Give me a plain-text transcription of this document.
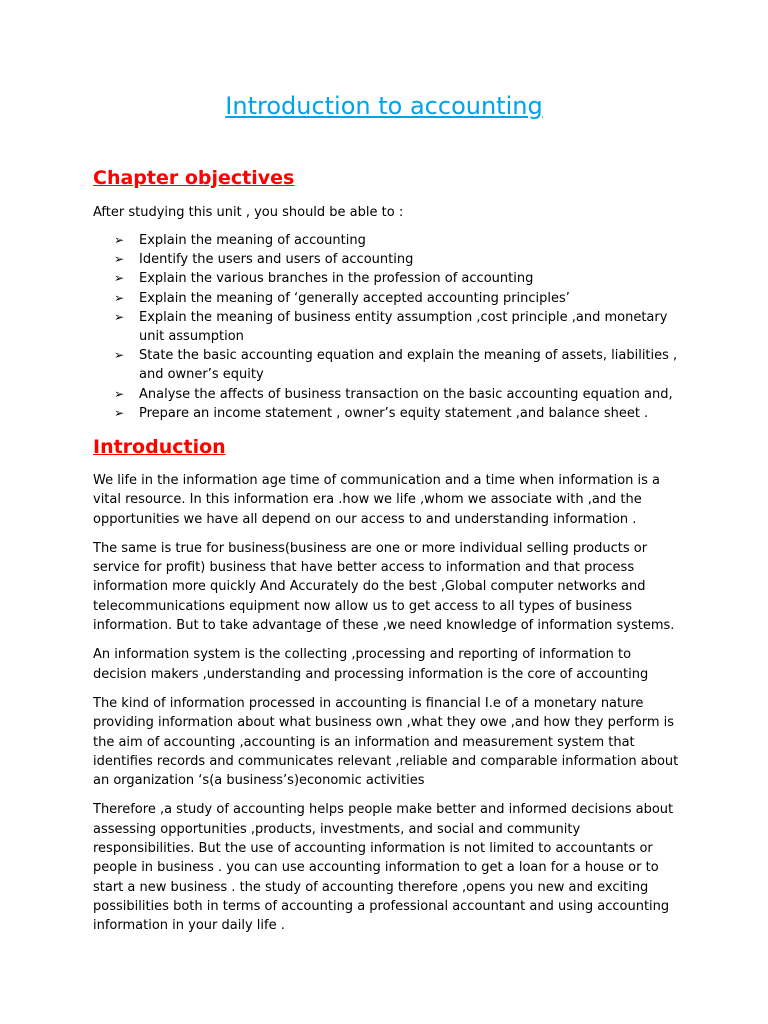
Introduction to accounting
Chapter objectives

After studying this unit , you should be able to :

➢ Explain the meaning of accounting
➢ Identify the users and users of accounting
➢ Explain the various branches in the profession of accounting
➢ Explain the meaning of ‘generally accepted accounting principles’
➢ Explain the meaning of business entity assumption ,cost principle ,and monetary unit assumption
➢ State the basic accounting equation and explain the meaning of assets, liabilities , and owner’s equity
➢ Analyse the affects of business transaction on the basic accounting equation and,
➢ Prepare an income statement , owner’s equity statement ,and balance sheet .
Introduction

We life in the information age time of communication and a time when information is a vital resource. In this information era .how we life ,whom we associate with ,and the opportunities we have all depend on our access to and understanding information .

The same is true for business(business are one or more individual selling products or service for profit) business that have better access to information and that process information more quickly And Accurately do the best ,Global computer networks and telecommunications equipment now allow us to get access to all types of business information. But to take advantage of these ,we need knowledge of information systems.

An information system is the collecting ,processing and reporting of information to decision makers ,understanding and processing information is the core of accounting

The kind of information processed in accounting is financial I.e of a monetary nature providing information about what business own ,what they owe ,and how they perform is the aim of accounting ,accounting is an information and measurement system that identifies records and communicates relevant ,reliable and comparable information about an organization ‘s(a business’s)economic activities

Therefore ,a study of accounting helps people make better and informed decisions about assessing opportunities ,products, investments, and social and community responsibilities. But the use of accounting information is not limited to accountants or people in business . you can use accounting information to get a loan for a house or to start a new business . the study of accounting therefore ,opens you new and exciting possibilities both in terms of accounting a professional accountant and using accounting information in your daily life .
